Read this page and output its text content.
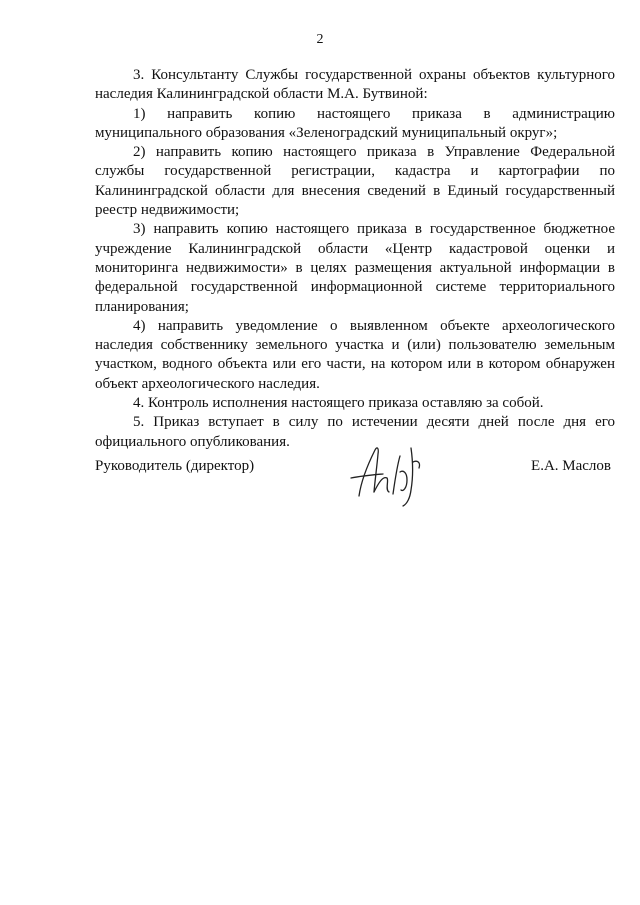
2

3. Консультанту Службы государственной охраны объектов культурного наследия Калининградской области М.А. Бутвиной:

1) направить копию настоящего приказа в администрацию муниципального образования «Зеленоградский муниципальный округ»;

2) направить копию настоящего приказа в Управление Федеральной службы государственной регистрации, кадастра и картографии по Калининградской области для внесения сведений в Единый государственный реестр недвижимости;

3) направить копию настоящего приказа в государственное бюджетное учреждение Калининградской области «Центр кадастровой оценки и мониторинга недвижимости» в целях размещения актуальной информации в федеральной государственной информационной системе территориального планирования;

4) направить уведомление о выявленном объекте археологического наследия собственнику земельного участка и (или) пользователю земельным участком, водного объекта или его части, на котором или в котором обнаружен объект археологического наследия.

4. Контроль исполнения настоящего приказа оставляю за собой.

5. Приказ вступает в силу по истечении десяти дней после дня его официального опубликования.

Руководитель (директор)	Е.А. Маслов
